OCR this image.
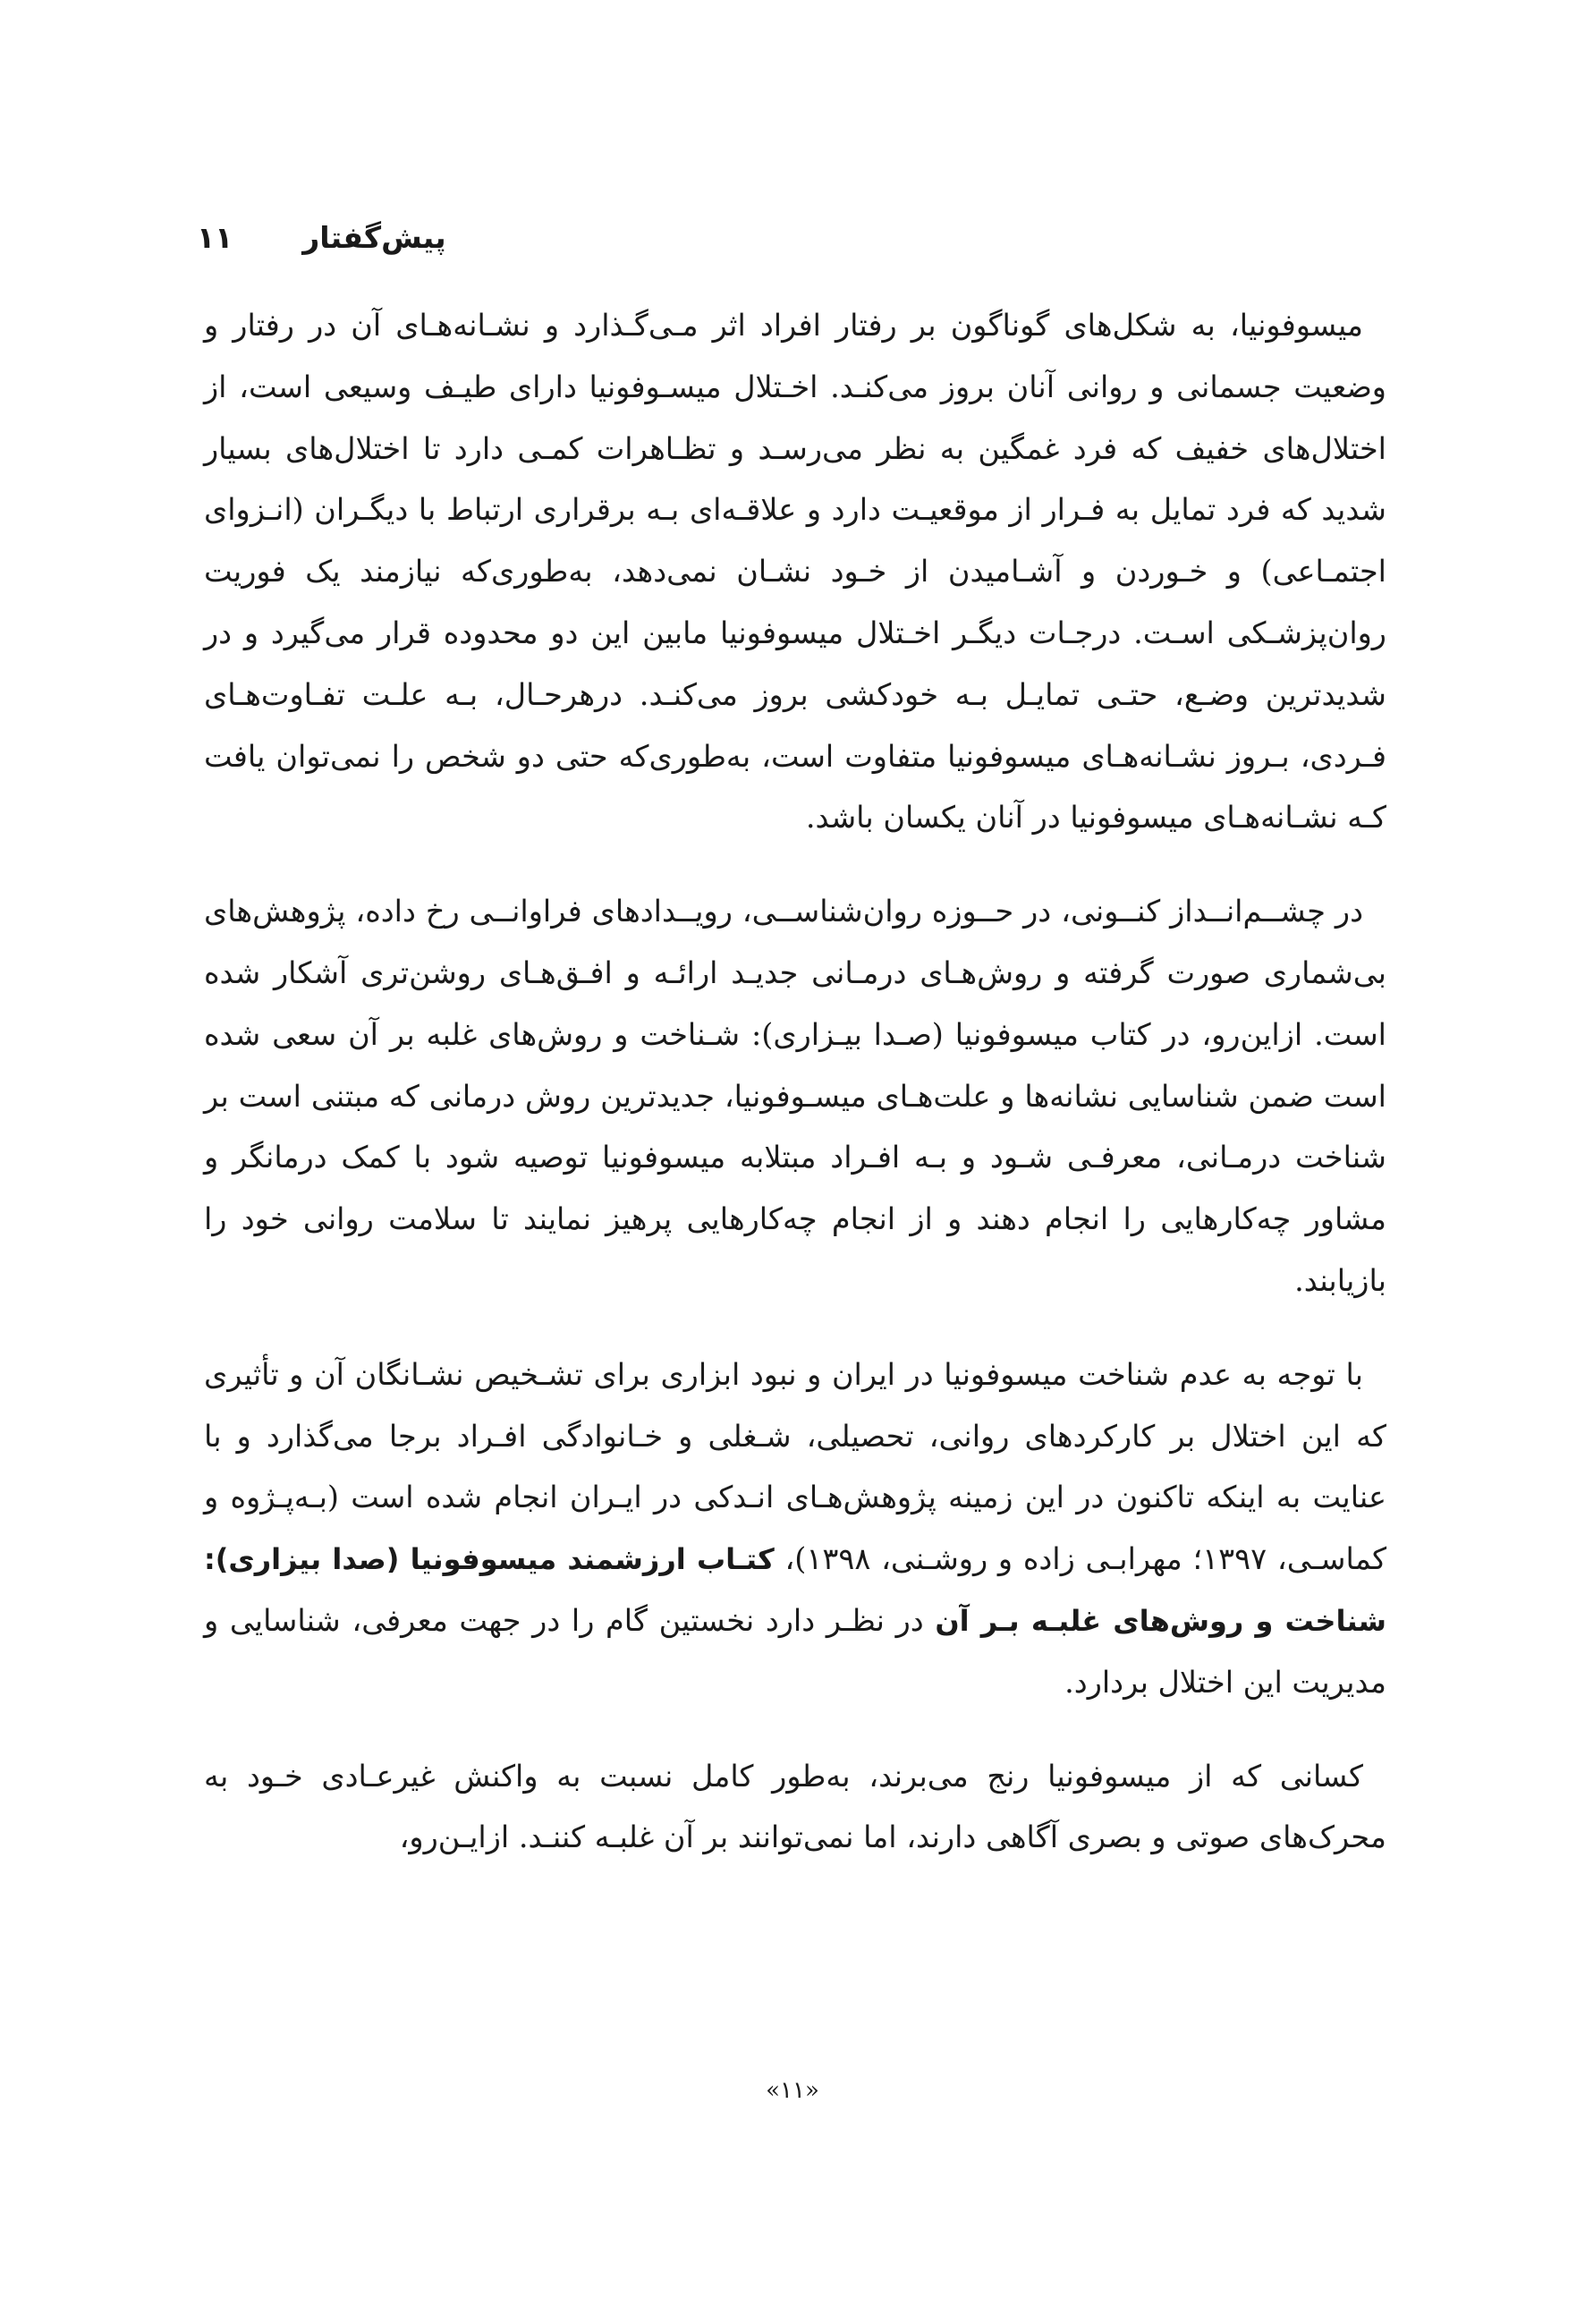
پیش‌گفتار
۱۱

میسوفونیا، به شکل‌های گوناگون بر رفتار افراد اثر مـی‌گـذارد و نشـانه‌هـای آن در رفتار و وضعیت جسمانی و روانی آنان بروز می‌کنـد. اخـتلال میسـوفونیا دارای طیـف وسیعی است، از اختلال‌های خفیف که فرد غمگین به نظر می‌رسـد و تظـاهرات کمـی دارد تا اختلال‌های بسیار شدید که فرد تمایل به فـرار از موقعیـت دارد و علاقـه‌ای بـه برقراری ارتباط با دیگـران (انـزوای اجتمـاعی) و خـوردن و آشـامیدن از خـود نشـان نمی‌دهد، به‌طوری‌که نیازمند یک فوریت روان‌پزشـکی اسـت. درجـات دیگـر اخـتلال میسوفونیا مابین این دو محدوده قرار می‌گیرد و در شدیدترین وضـع، حتـی تمایـل بـه خودکشی بروز می‌کنـد. درهرحـال، بـه علـت تفـاوت‌هـای فـردی، بـروز نشـانه‌هـای میسوفونیا متفاوت است، به‌طوری‌که حتی دو شخص را نمی‌توان یافت کـه نشـانه‌هـای میسوفونیا در آنان یکسان باشد.

در چشــم‌انــداز کنــونی، در حــوزه روان‌شناســی، رویــدادهای فراوانــی رخ داده، پژوهش‌های بی‌شماری صورت گرفته و روش‌هـای درمـانی جدیـد ارائـه و افـق‌هـای روشن‌تری آشکار شده است. ازاین‌رو، در کتاب میسوفونیا (صـدا بیـزاری): شـناخت و روش‌های غلبه بر آن سعی شده است ضمن شناسایی نشانه‌ها و علت‌هـای میسـوفونیا، جدیدترین روش درمانی که مبتنی است بر شناخت درمـانی، معرفـی شـود و بـه افـراد مبتلابه میسوفونیا توصیه شود با کمک درمانگر و مشاور چه‌کارهایی را انجام دهند و از انجام چه‌کارهایی پرهیز نمایند تا سلامت روانی خود را بازیابند.

با توجه به عدم شناخت میسوفونیا در ایران و نبود ابزاری برای تشـخیص نشـانگان آن و تأثیری که این اختلال بر کارکردهای روانی، تحصیلی، شـغلی و خـانوادگی افـراد برجا می‌گذارد و با عنایت به اینکه تاکنون در این زمینه پژوهش‌هـای انـدکی در ایـران انجام شده است (بـه‌پـژوه و کماسـی، ۱۳۹۷؛ مهرابـی زاده و روشـنی، ۱۳۹۸)، کتـاب ارزشمند میسوفونیا (صدا بیزاری): شناخت و روش‌های غلبـه بـر آن در نظـر دارد نخستین گام را در جهت معرفی، شناسایی و مدیریت این اختلال بردارد.

کسانی که از میسوفونیا رنج می‌برند، به‌طور کامل نسبت به واکنش غیرعـادی خـود به محرک‌های صوتی و بصری آگاهی دارند، اما نمی‌توانند بر آن غلبـه کننـد. ازایـن‌رو،

«۱۱»
